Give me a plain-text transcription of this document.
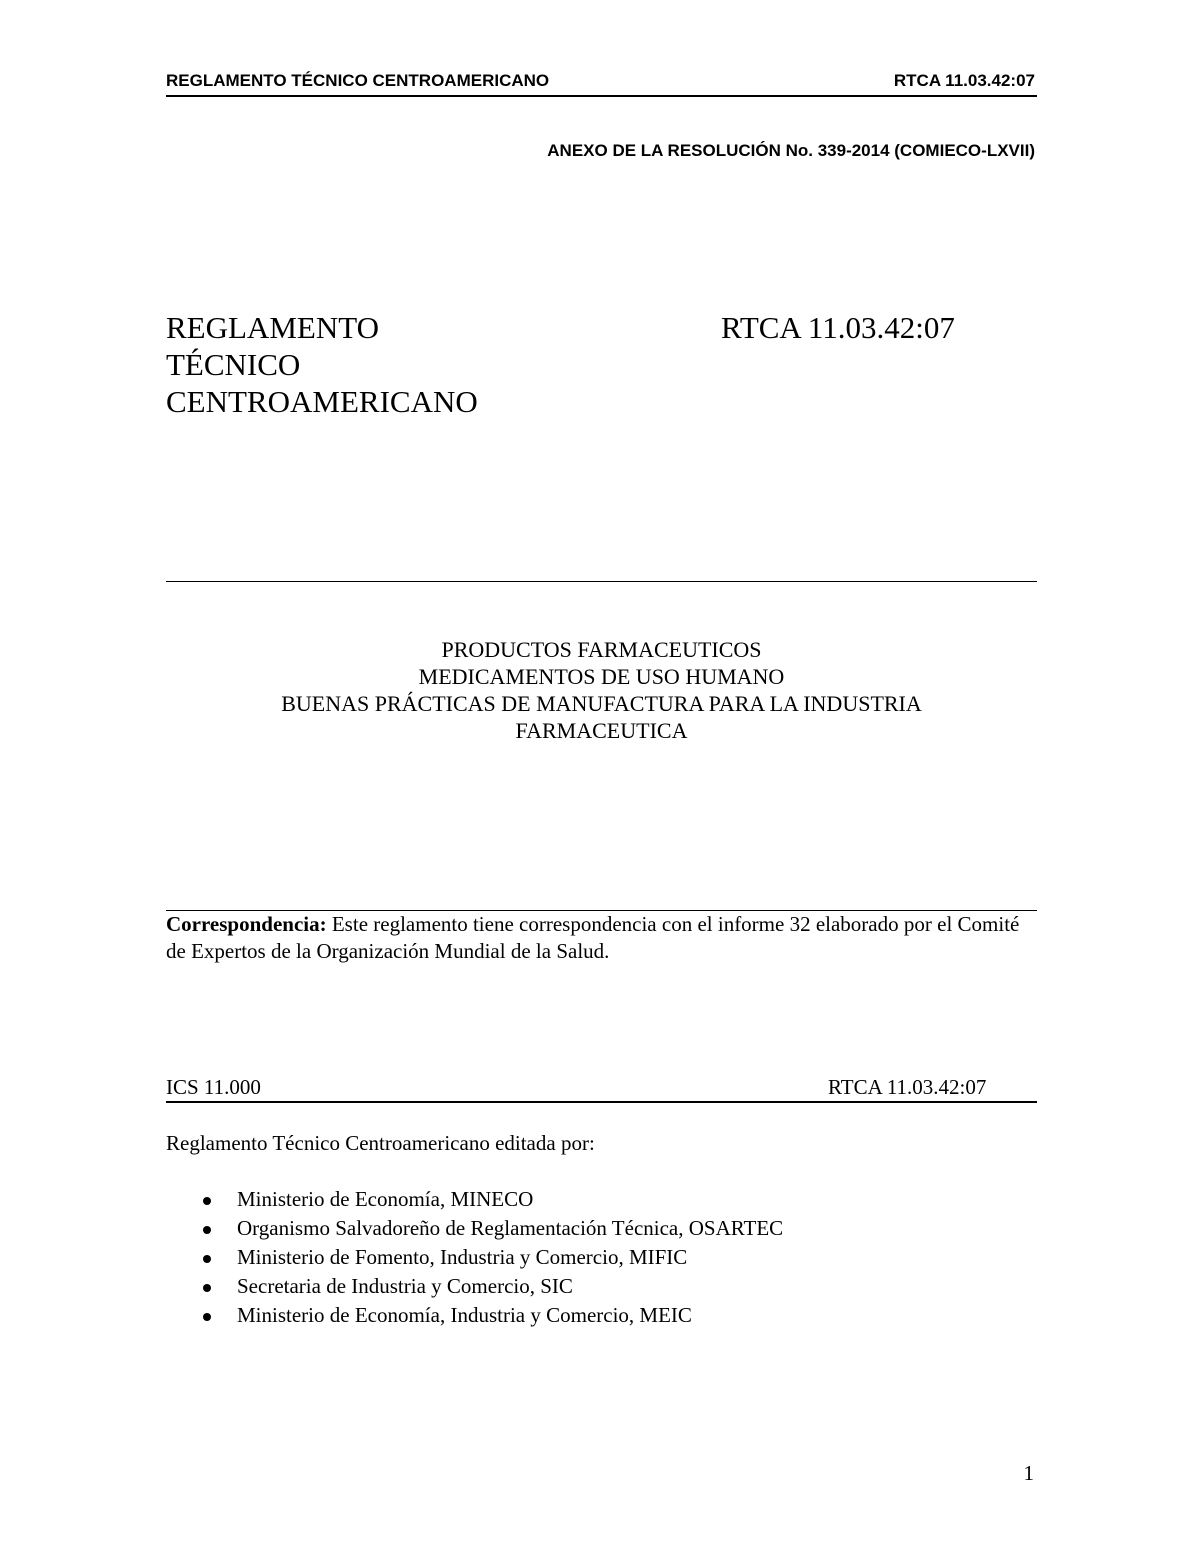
REGLAMENTO TÉCNICO CENTROAMERICANO	RTCA 11.03.42:07
ANEXO DE LA RESOLUCIÓN No. 339-2014 (COMIECO-LXVII)
REGLAMENTO
TÉCNICO
CENTROAMERICANO
RTCA 11.03.42:07
PRODUCTOS FARMACEUTICOS
MEDICAMENTOS DE USO HUMANO
BUENAS PRÁCTICAS DE MANUFACTURA PARA LA INDUSTRIA
FARMACEUTICA
Correspondencia: Este reglamento tiene correspondencia con el informe 32 elaborado por el Comité de Expertos de la Organización Mundial de la Salud.
ICS 11.000	RTCA 11.03.42:07
Reglamento Técnico Centroamericano editada por:
Ministerio de Economía, MINECO
Organismo Salvadoreño de Reglamentación Técnica, OSARTEC
Ministerio de Fomento, Industria y Comercio, MIFIC
Secretaria de Industria y Comercio, SIC
Ministerio de Economía, Industria y Comercio, MEIC
1
